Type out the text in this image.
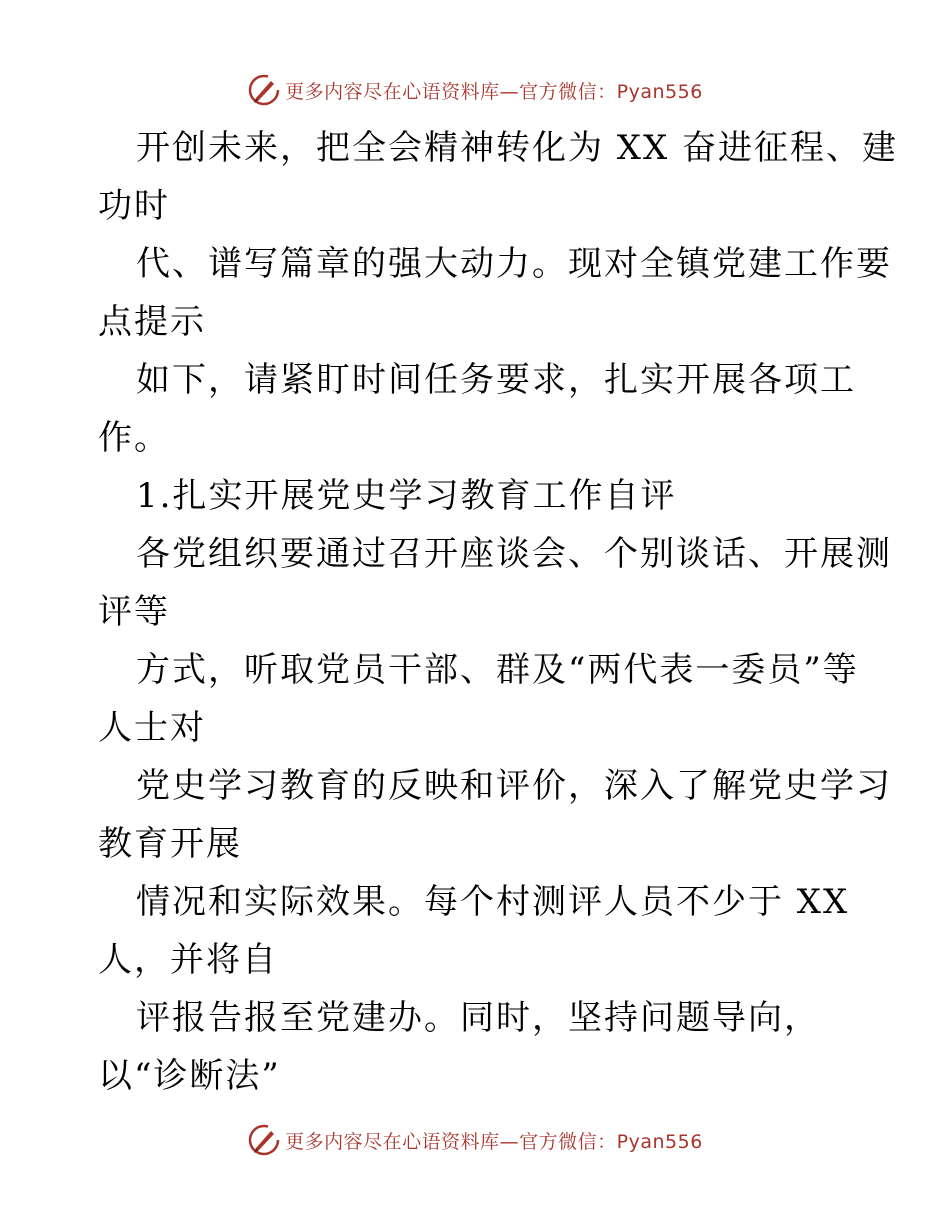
更多内容尽在心语资料库—官方微信：Pyan556
开创未来，把全会精神转化为 XX 奋进征程、建
功时
代、谱写篇章的强大动力。现对全镇党建工作要
点提示
如下，请紧盯时间任务要求，扎实开展各项工
作。
1.扎实开展党史学习教育工作自评
各党组织要通过召开座谈会、个别谈话、开展测
评等
方式，听取党员干部、群及“两代表一委员”等
人士对
党史学习教育的反映和评价，深入了解党史学习
教育开展
情况和实际效果。每个村测评人员不少于 XX
人，并将自
评报告报至党建办。同时，坚持问题导向，
以“诊断法”
更多内容尽在心语资料库—官方微信：Pyan556
